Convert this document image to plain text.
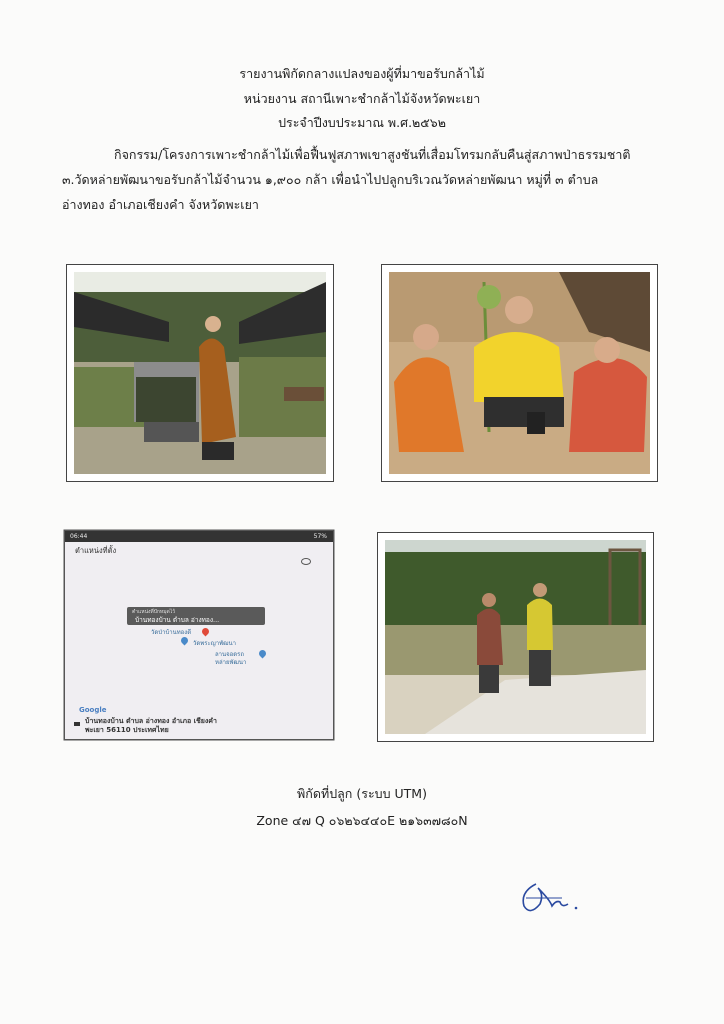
รายงานพิกัดกลางแปลงของผู้ที่มาขอรับกล้าไม้
หน่วยงาน สถานีเพาะชำกล้าไม้จังหวัดพะเยา
ประจำปีงบประมาณ พ.ศ.๒๕๖๒
กิจกรรม/โครงการเพาะชำกล้าไม้เพื่อฟื้นฟูสภาพเขาสูงชันที่เสื่อมโทรมกลับคืนสู่สภาพป่าธรรมชาติ
๓.วัดหล่ายพัฒนาขอรับกล้าไม้จำนวน ๑,๙๐๐ กล้า เพื่อนำไปปลูกบริเวณวัดหล่ายพัฒนา หมู่ที่ ๓ ตำบล
อ่างทอง อำเภอเชียงคำ จังหวัดพะเยา
06:44	57%
ตำแหน่งที่ตั้ง
ตำแหน่งที่ปักหมุดไว้
บ้านทองบ้าน ตำบล อ่างทอง...
วัดป่าบ้านทองดี
วัดพระญาพัฒนา
ลานจอดรถ
หล่ายพัฒนา
Google
บ้านทองบ้าน ตำบล อ่างทอง อำเภอ เชียงคำ
พะเยา 56110 ประเทศไทย
พิกัดที่ปลูก (ระบบ UTM)
Zone ๔๗ Q ๐๖๒๖๔๔๐E ๒๑๖๓๗๘๐N
